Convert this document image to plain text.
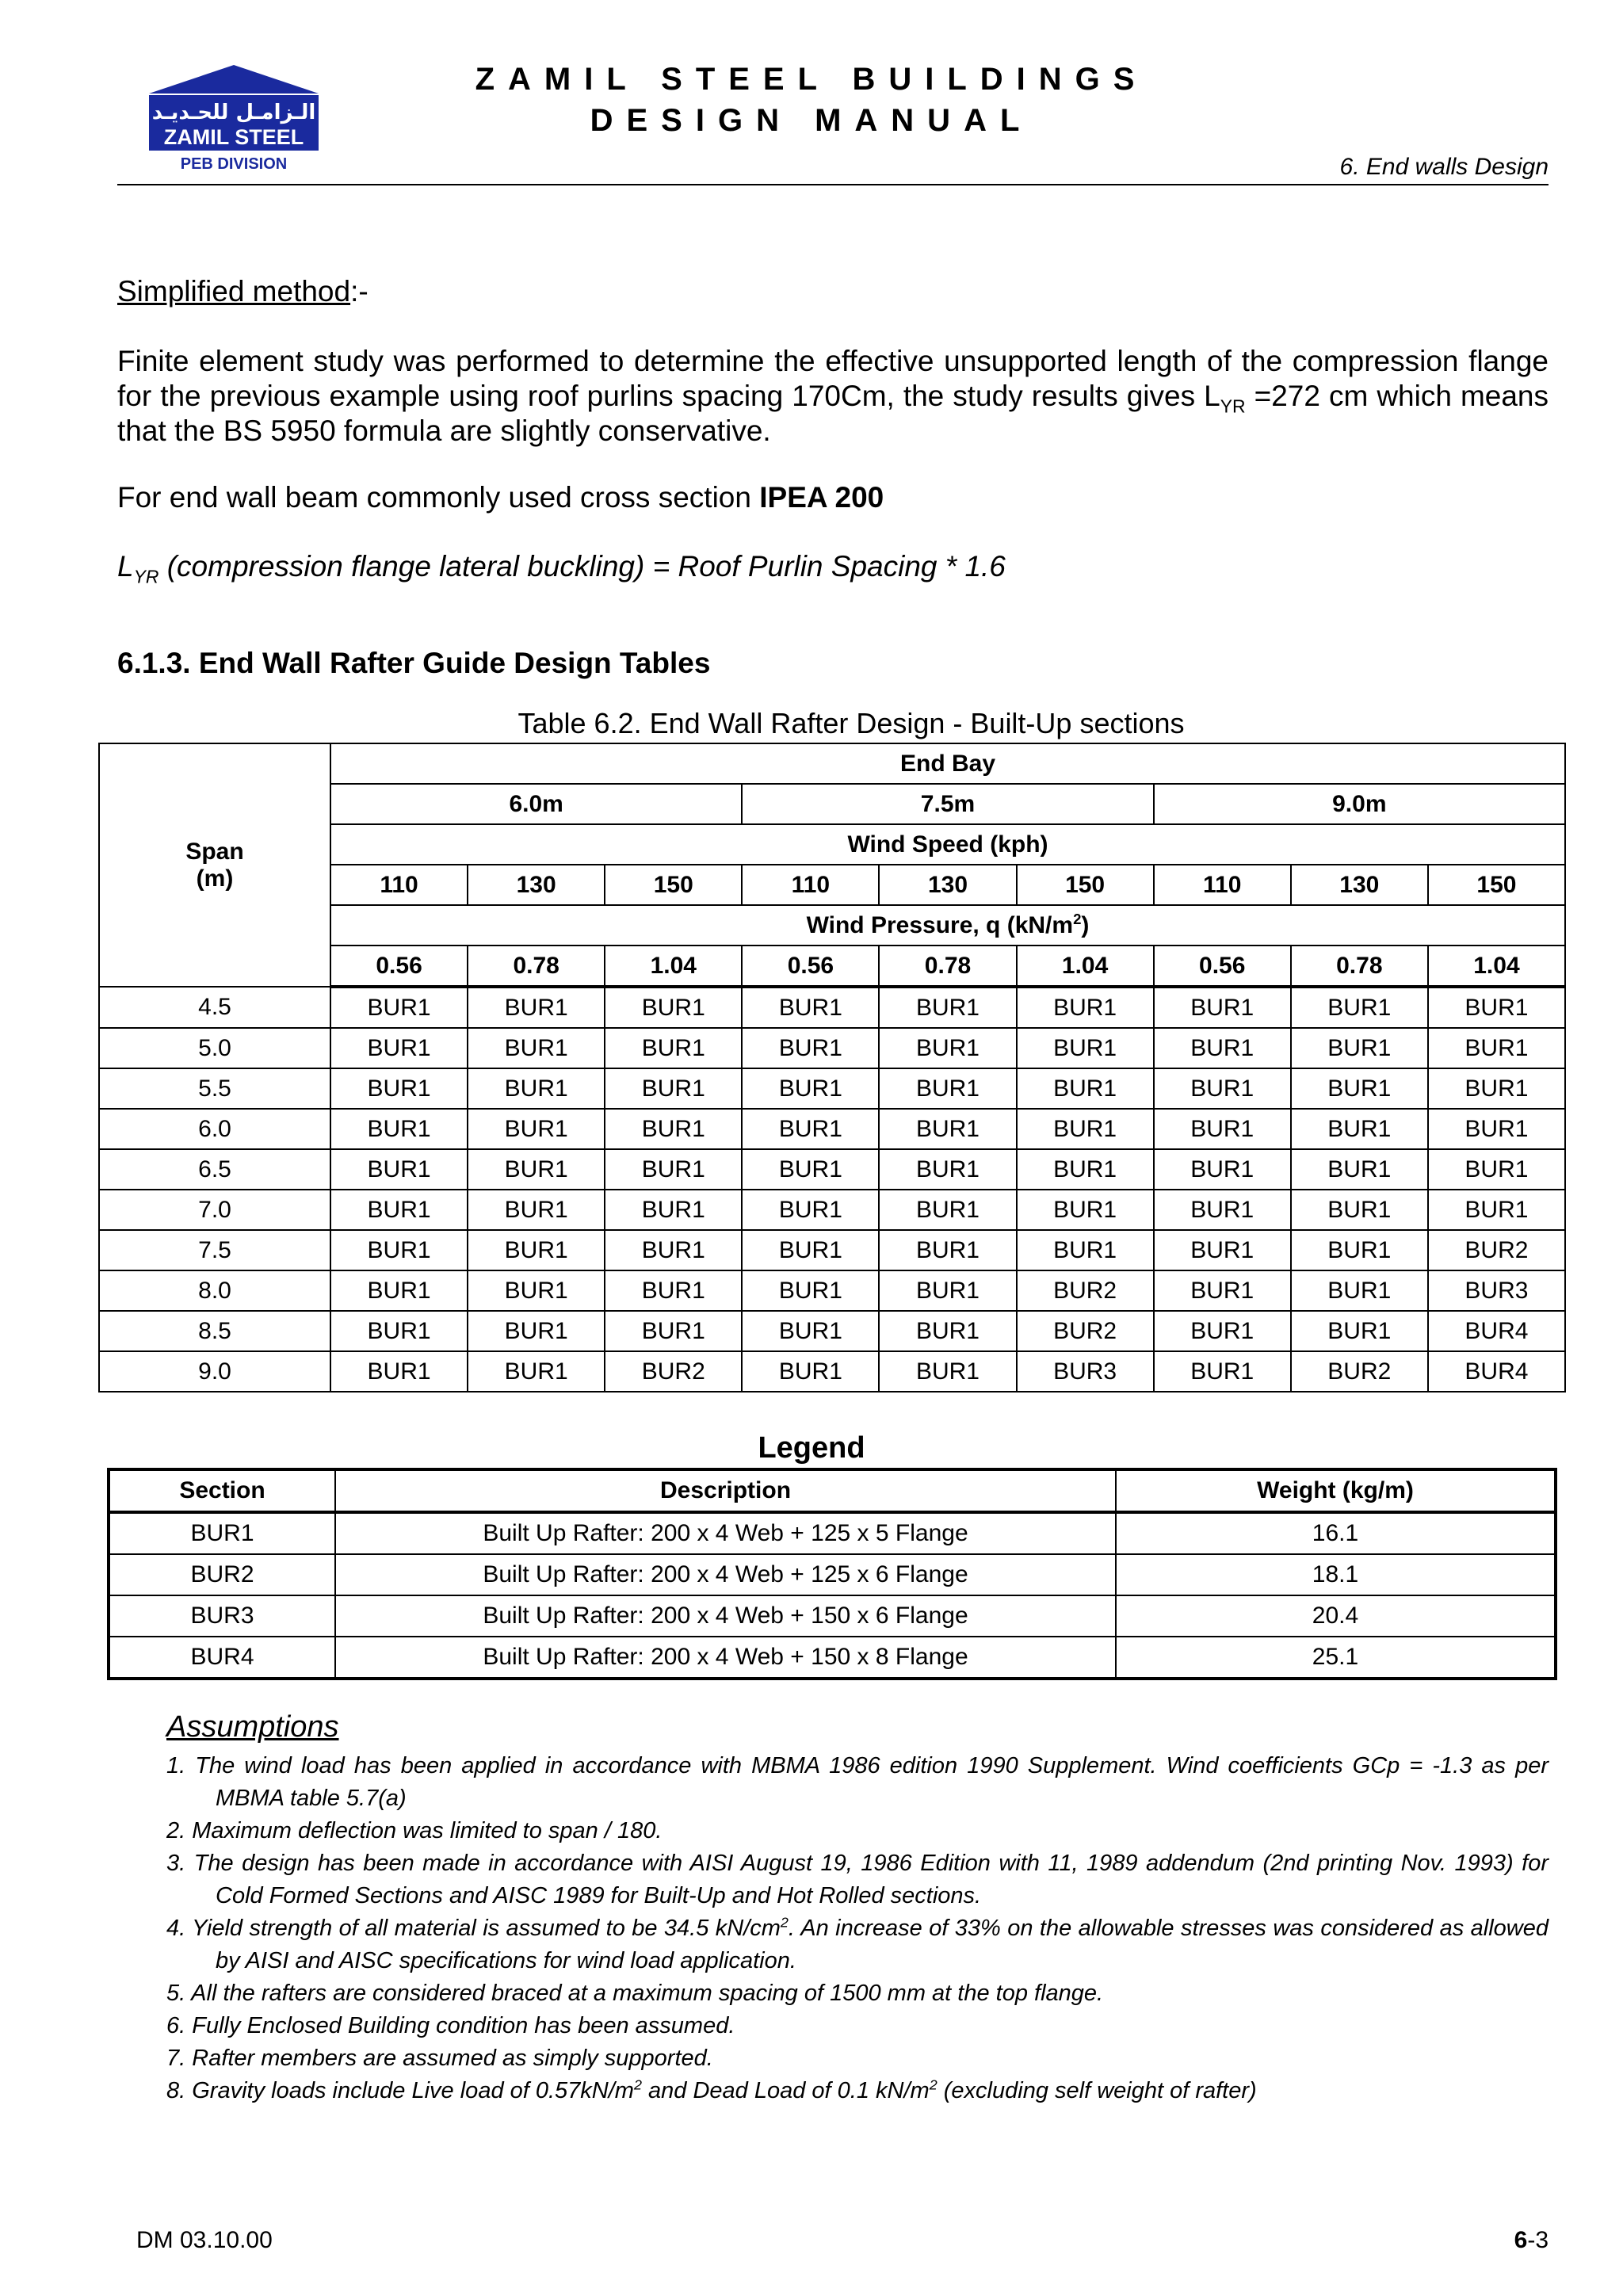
الـزامـل للحـديـد
ZAMIL STEEL
PEB DIVISION
ZAMIL STEEL BUILDINGS
DESIGN MANUAL
6. End walls Design
Simplified method:-
Finite element study was performed to determine the effective unsupported length of the compression flange for the previous example using roof purlins spacing 170Cm, the study results gives $L_{YR} =272$ cm which means that the BS 5950 formula are slightly conservative.
For end wall beam commonly used cross section IPEA 200
$L_{YR}$ (compression flange lateral buckling) = Roof Purlin Spacing * 1.6
6.1.3. End Wall Rafter Guide Design Tables
Table 6.2. End Wall Rafter Design - Built-Up sections
Span
(m)	End Bay								
	6.0m			7.5m			9.0m		
	Wind Speed (kph)								
	110	130	150	110	130	150	110	130	150
	Wind Pressure, q $(kN/m^2)$								
	0.56	0.78	1.04	0.56	0.78	1.04	0.56	0.78	1.04
4.5	BUR1	BUR1	BUR1	BUR1	BUR1	BUR1	BUR1	BUR1	BUR1
5.0	BUR1	BUR1	BUR1	BUR1	BUR1	BUR1	BUR1	BUR1	BUR1
5.5	BUR1	BUR1	BUR1	BUR1	BUR1	BUR1	BUR1	BUR1	BUR1
6.0	BUR1	BUR1	BUR1	BUR1	BUR1	BUR1	BUR1	BUR1	BUR1
6.5	BUR1	BUR1	BUR1	BUR1	BUR1	BUR1	BUR1	BUR1	BUR1
7.0	BUR1	BUR1	BUR1	BUR1	BUR1	BUR1	BUR1	BUR1	BUR1
7.5	BUR1	BUR1	BUR1	BUR1	BUR1	BUR1	BUR1	BUR1	BUR2
8.0	BUR1	BUR1	BUR1	BUR1	BUR1	BUR2	BUR1	BUR1	BUR3
8.5	BUR1	BUR1	BUR1	BUR1	BUR1	BUR2	BUR1	BUR1	BUR4
9.0	BUR1	BUR1	BUR2	BUR1	BUR1	BUR3	BUR1	BUR2	BUR4
Legend
Section	Description	Weight (kg/m)
BUR1	Built Up Rafter: 200 x 4 Web + 125 x 5 Flange	16.1
BUR2	Built Up Rafter: 200 x 4 Web + 125 x 6 Flange	18.1
BUR3	Built Up Rafter: 200 x 4 Web + 150 x 6 Flange	20.4
BUR4	Built Up Rafter: 200 x 4 Web + 150 x 8 Flange	25.1
Assumptions
1. The wind load has been applied in accordance with MBMA 1986 edition 1990 Supplement. Wind coefficients GCp = -1.3 as per MBMA table 5.7(a)
2. Maximum deflection was limited to span / 180.
3. The design has been made in accordance with AISI August 19, 1986 Edition with 11, 1989 addendum (2nd printing Nov. 1993) for Cold Formed Sections and AISC 1989 for Built-Up and Hot Rolled sections.
4. Yield strength of all material is assumed to be 34.5 $kN/cm^2$. An increase of 33% on the allowable stresses was considered as allowed by AISI and AISC specifications for wind load application.
5. All the rafters are considered braced at a maximum spacing of 1500 mm at the top flange.
6. Fully Enclosed Building condition has been assumed.
7. Rafter members are assumed as simply supported.
8. Gravity loads include Live load of $0.57kN/m^2$ and Dead Load of 0.1 $kN/m^2$ (excluding self weight of rafter)
DM 03.10.00	6-3
